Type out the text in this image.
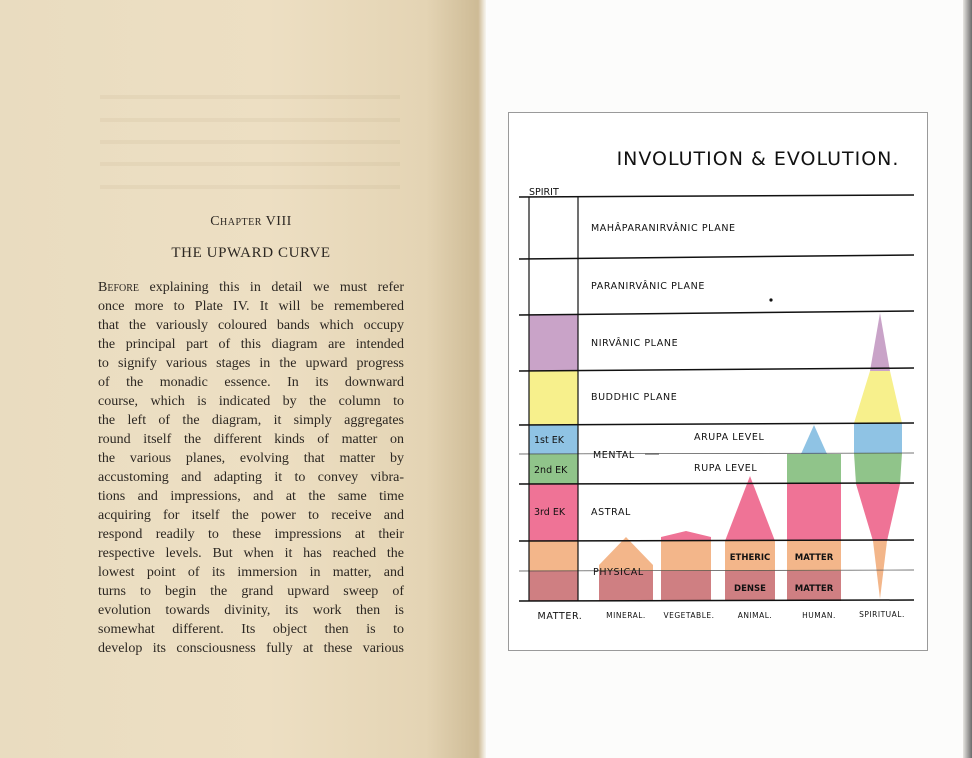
Chapter VIII
THE UPWARD CURVE
Before explaining this in detail we must refer
once more to Plate IV. It will be remembered
that the variously coloured bands which occupy
the principal part of this diagram are intended
to signify various stages in the upward progress
of the monadic essence. In its downward
course, which is indicated by the column to
the left of the diagram, it simply aggregates
round itself the different kinds of matter on
the various planes, evolving that matter by
accustoming and adapting it to convey vibra-
tions and impressions, and at the same time
acquiring for itself the power to receive and
respond readily to these impressions at their
respective levels. But when it has reached the
lowest point of its immersion in matter, and
turns to begin the grand upward sweep of
evolution towards divinity, its work then is
somewhat different. Its object then is to
develop its consciousness fully at these various
INVOLUTION & EVOLUTION.
SPIRIT
MAHÂPARANIRVÂNIC PLANE
PARANIRVÂNIC PLANE
NIRVÂNIC PLANE
BUDDHIC PLANE
MENTAL
ARUPA LEVEL
RUPA LEVEL
ASTRAL
PHYSICAL
1st EK
2nd EK
3rd EK
ETHERIC
DENSE
MATTER
MATTER
MATTER.	MINERAL. VEGETABLE.	ANIMAL.	HUMAN.	SPIRITUAL.
